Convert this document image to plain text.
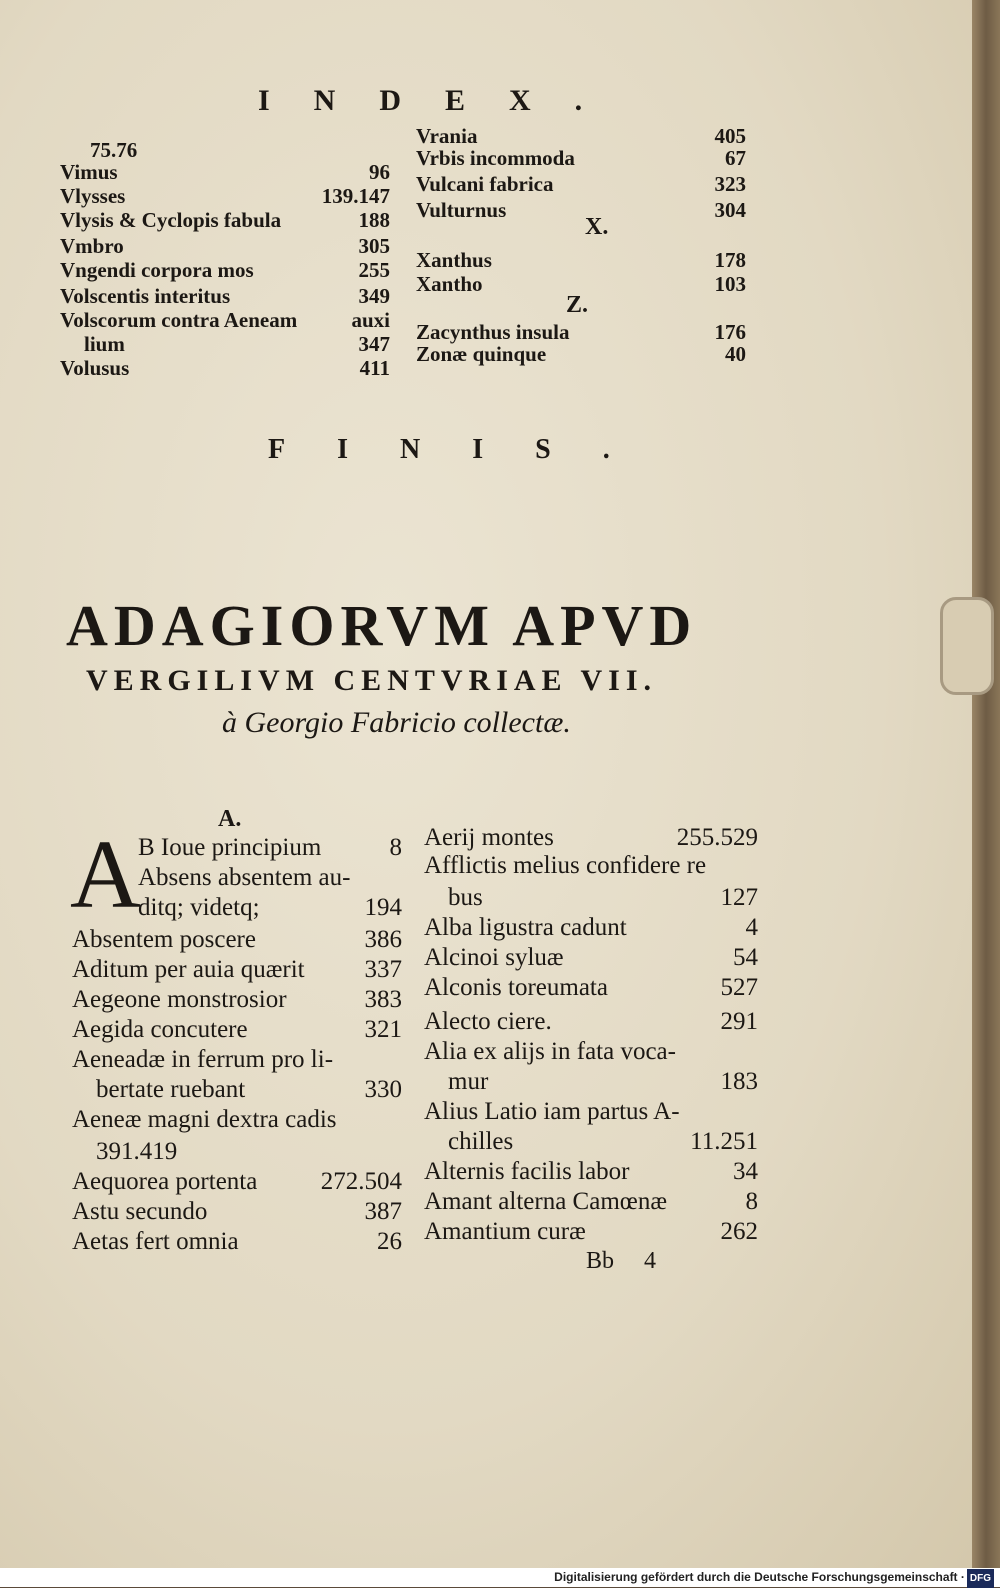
INDEX.
75.76
Vimus	96
Vlysses	139.147
Vlysis & Cyclopis fabula	188
Vmbro	305
Vngendi corpora mos	255
Volscentis interitus	349
Volscorum contra Aeneam	auxi
lium	347
Volusus	411
Vrania	405
Vrbis incommoda	67
Vulcani fabrica	323
Vulturnus	304
Xanthus	178
Xantho	103
Zacynthus insula	176
Zonæ quinque	40
X.
Z.
FINIS.
ADAGIORVM APVD
VERGILIVM CENTVRIAE VII.
à Georgio Fabricio collectæ.
A.
A
B Ioue principium	8
Absens absentem au-
ditq; videtq;	194
Absentem poscere	386
Aditum per auia quærit 337
Aegeone monstrosior	383
Aegida concutere	321
Aeneadæ in ferrum pro li-
bertate ruebant	330
Aeneæ magni dextra cadis
391.419
Aequorea portenta	272.504
Astu secundo	387
Aetas fert omnia	26
Aerij montes	255.529
Afflictis melius confidere re
bus	127
Alba ligustra cadunt	4
Alcinoi syluæ	54
Alconis toreumata	527
Alecto ciere.	291
Alia ex alijs in fata voca-
mur	183
Alius Latio iam partus A-
chilles	11.251
Alternis facilis labor	34
Amant alterna Camœnæ	8
Amantium curæ	262
Bb 4
Digitalisierung gefördert durch die Deutsche Forschungsgemeinschaft · DFG
